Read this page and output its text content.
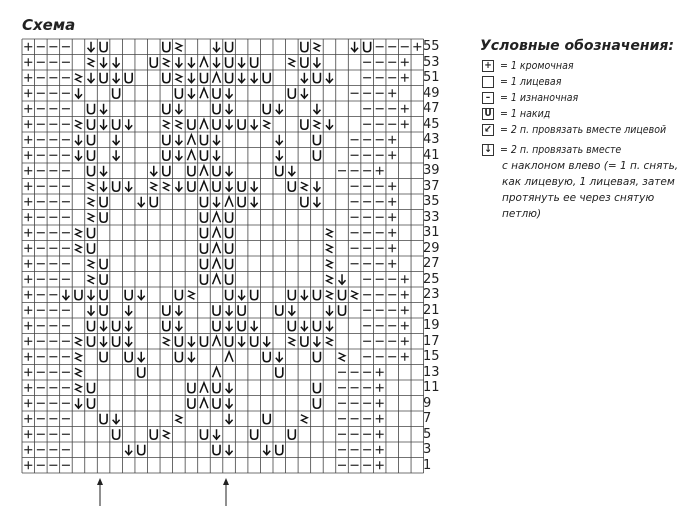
Схема
55
53
51
49
47
45
43
41
39
37
35
33
31
29
27
25
23
21
19
17
15
13
11
9
7
5
3
1
Условные обозначения:
+ = 1 кромочная
= 1 лицевая
– = 1 изнаночная
U = 1 накид
↙ = 2 п. провязать вместе лицевой
↓ = 2 п. провязать вместе
с наклоном влево (= 1 п. снять, как лицевую, 1 лицевая, затем протянуть ее через снятую петлю)
